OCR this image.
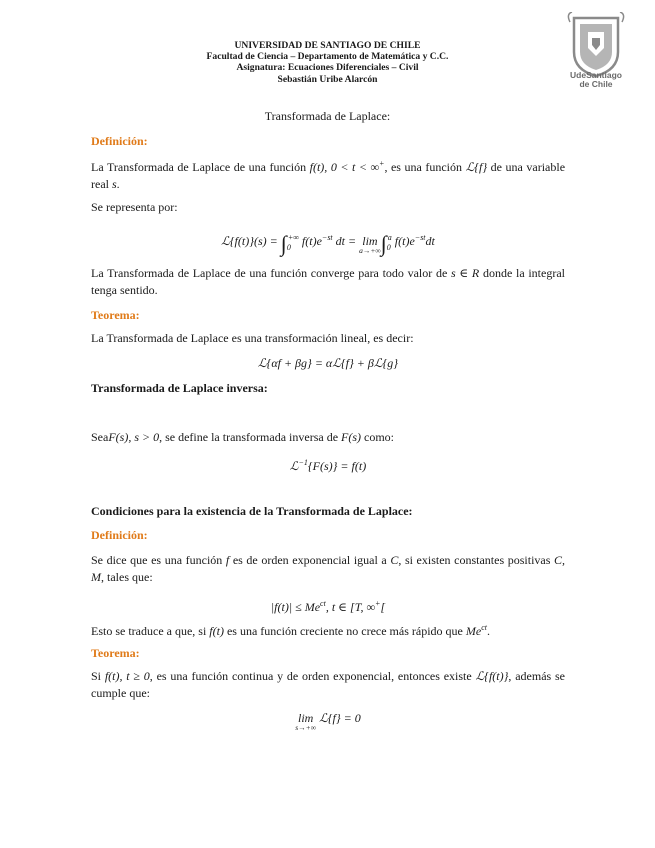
UdeSantiago
de Chile
UNIVERSIDAD DE SANTIAGO DE CHILE
Facultad de Ciencia – Departamento de Matemática y C.C.
Asignatura: Ecuaciones Diferenciales – Civil
Sebastián Uribe Alarcón
Transformada de Laplace:
Definición:
La Transformada de Laplace de una función f(t), 0 < t < ∞+, es una función ℒ{f} de una variable real s.
Se representa por:
ℒ{f(t)}(s) = $\int_0^{+\infty}$ $f(t)e^{-st}$ dt = lim
a→+∞ $\int_0^a$ $f(t)e^{-st}dt$
La Transformada de Laplace de una función converge para todo valor de s ∈ R donde la integral tenga sentido.
Teorema:
La Transformada de Laplace es una transformación lineal, es decir:
ℒ{αf + βg} = αℒ{f} + βℒ{g}
Transformada de Laplace inversa:
SeaF(s), s > 0, se define la transformada inversa de F(s) como:
ℒ$^{-1}${F(s)} = f(t)
Condiciones para la existencia de la Transformada de Laplace:
Definición:
Se dice que es una función f es de orden exponencial igual a C, si existen constantes positivas C, M, tales que:
$|f(t)| \le Me^{ct}$, t ∈ [T, ∞+[
Esto se traduce a que, si f(t) es una función creciente no crece más rápido que $Me^{ct}$.
Teorema:
Si f(t), t ≥ 0, es una función continua y de orden exponencial, entonces existe ℒ{f(t)}, además se cumple que:
lim
s→+∞
ℒ{f} = 0
